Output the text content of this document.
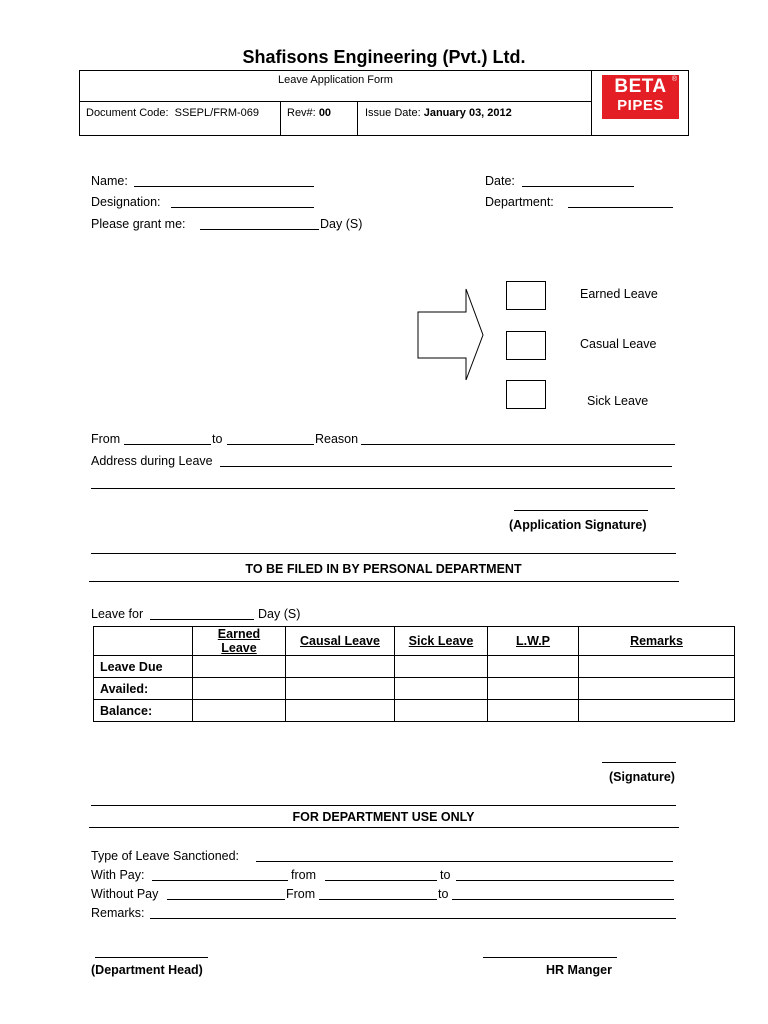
Shafisons Engineering (Pvt.) Ltd.
Leave Application Form
Document Code: SSEPL/FRM-069	Rev#: 00	Issue Date: January 03, 2012
BETA
PIPES
®
Name:	Date:
Designation:	Department:
Please grant me:	Day (S)
Earned Leave
Casual Leave
Sick Leave
From	to	Reason
Address during Leave
(Application Signature)
TO BE FILED IN BY PERSONAL DEPARTMENT
Leave for	Day (S)
	Earned Leave	Causal Leave	Sick Leave	L.W.P	Remarks
Leave Due					
Availed:					
Balance:					
(Signature)
FOR DEPARTMENT USE ONLY
Type of Leave Sanctioned:
With Pay:	from	to
Without Pay	From	to
Remarks:
(Department Head)	HR Manger
